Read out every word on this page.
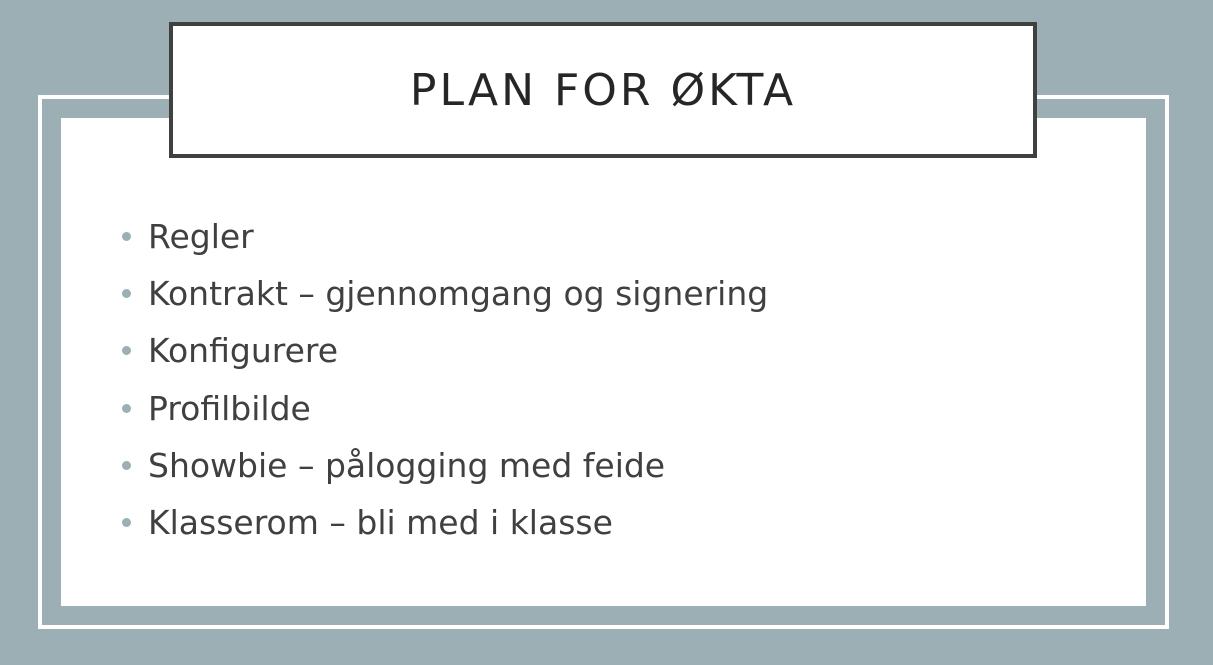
PLAN FOR ØKTA
Regler
Kontrakt – gjennomgang og signering
Konfigurere
Profilbilde
Showbie – pålogging med feide
Klasserom – bli med i klasse
